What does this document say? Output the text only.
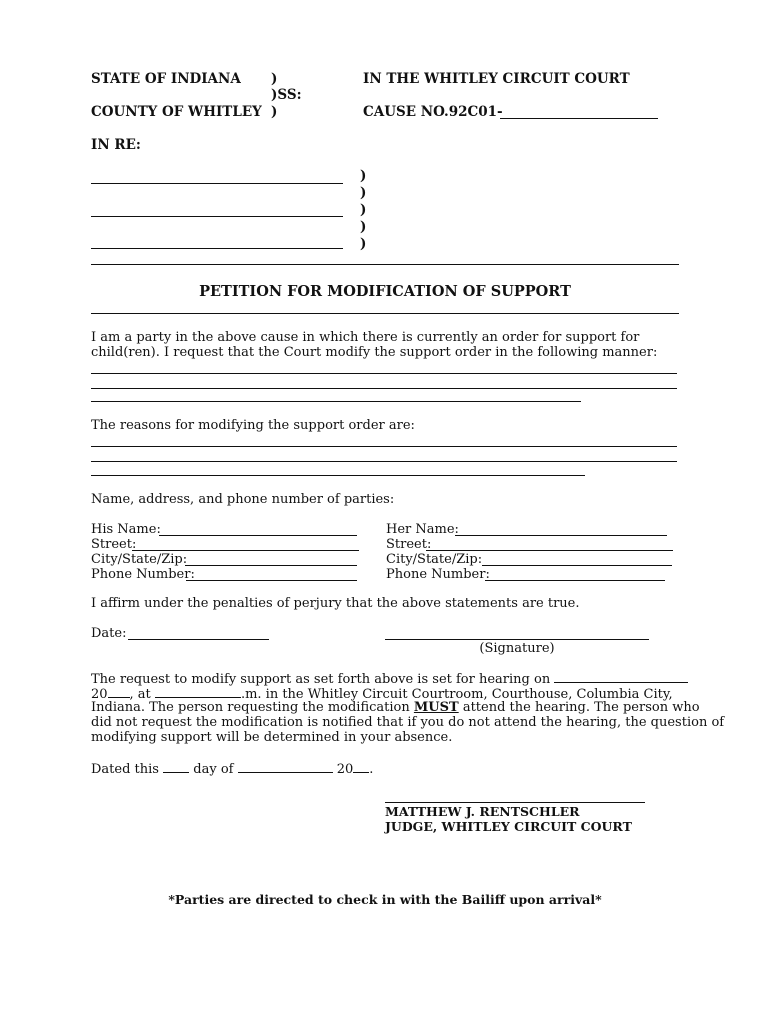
STATE OF INDIANA )
)SS:
COUNTY OF WHITLEY )
IN THE WHITLEY CIRCUIT COURT
CAUSE NO.92C01-
IN RE:
)
)
)
)
)
PETITION FOR MODIFICATION OF SUPPORT
I am a party in the above cause in which there is currently an order for support for child(ren). I request that the Court modify the support order in the following manner:
The reasons for modifying the support order are:
Name, address, and phone number of parties:
His Name:
Street:
City/State/Zip:
Phone Number:
Her Name:
Street:
City/State/Zip:
Phone Number:
I affirm under the penalties of perjury that the above statements are true.
Date:
(Signature)
The request to modify support as set forth above is set for hearing on
20 , at	.m. in the Whitley Circuit Courtroom, Courthouse, Columbia City,
Indiana. The person requesting the modification MUST attend the hearing. The person who
did not request the modification is notified that if you do not attend the hearing, the question of
modifying support will be determined in your absence.
Dated this	day of	20 .
MATTHEW J. RENTSCHLER
JUDGE, WHITLEY CIRCUIT COURT
*Parties are directed to check in with the Bailiff upon arrival*
